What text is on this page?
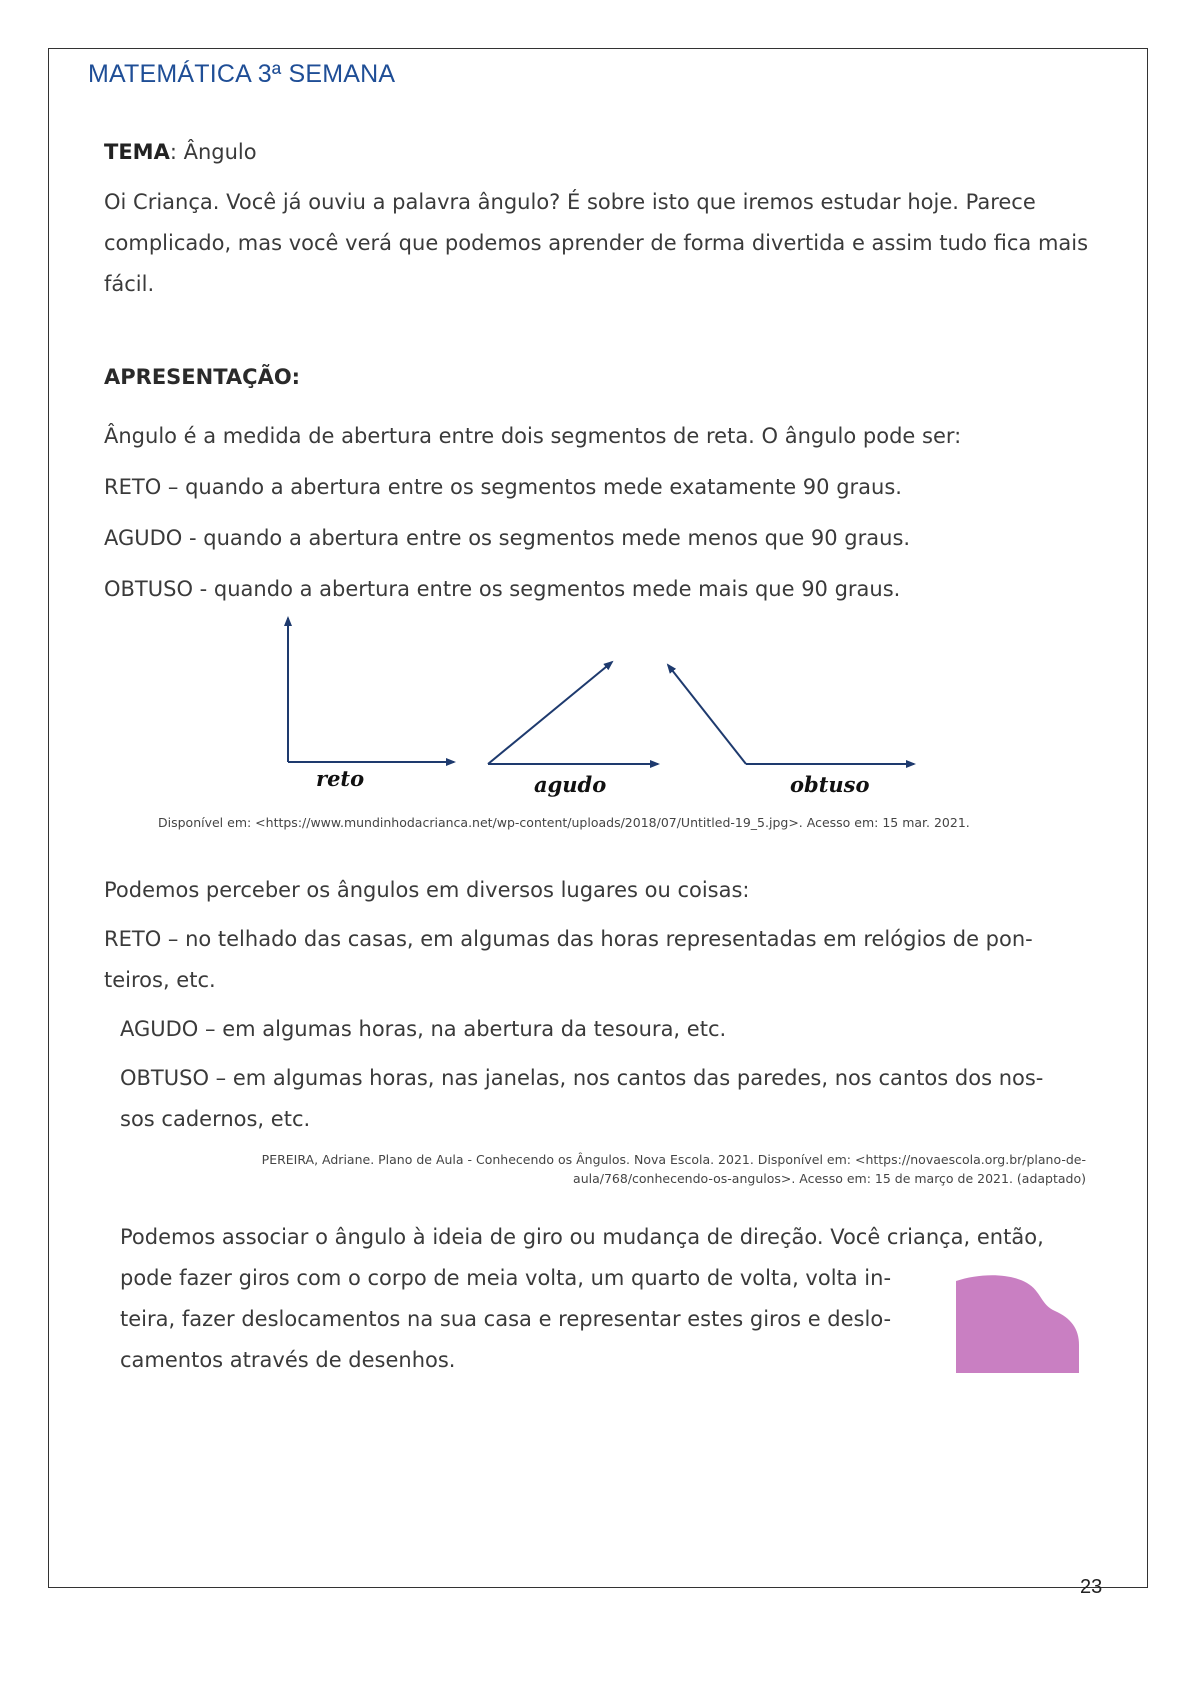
MATEMÁTICA 3ª SEMANA
TEMA: Ângulo
Oi Criança. Você já ouviu a palavra ângulo? É sobre isto que iremos estudar hoje. Parece complicado, mas você verá que podemos aprender de forma divertida e assim tudo fica mais fácil.
APRESENTAÇÃO:
Ângulo é a medida de abertura entre dois segmentos de reta. O ângulo pode ser:
RETO – quando a abertura entre os segmentos mede exatamente 90 graus.
AGUDO - quando a abertura entre os segmentos mede menos que 90 graus.
OBTUSO - quando a abertura entre os segmentos mede mais que 90 graus.
reto	agudo	obtuso
Disponível em: <https://www.mundinhodacrianca.net/wp-content/uploads/2018/07/Untitled-19_5.jpg>. Acesso em: 15 mar. 2021.
Podemos perceber os ângulos em diversos lugares ou coisas:
RETO – no telhado das casas, em algumas das horas representadas em relógios de pon-
teiros, etc.
AGUDO – em algumas horas, na abertura da tesoura, etc.
OBTUSO – em algumas horas, nas janelas, nos cantos das paredes, nos cantos dos nos-
sos cadernos, etc.
PEREIRA, Adriane. Plano de Aula - Conhecendo os Ângulos. Nova Escola. 2021. Disponível em: <https://novaescola.org.br/plano-de-
aula/768/conhecendo-os-angulos>. Acesso em: 15 de março de 2021. (adaptado)
Podemos associar o ângulo à ideia de giro ou mudança de direção. Você criança, então,
pode fazer giros com o corpo de meia volta, um quarto de volta, volta in-
teira, fazer deslocamentos na sua casa e representar estes giros e deslo-
camentos através de desenhos.
23
